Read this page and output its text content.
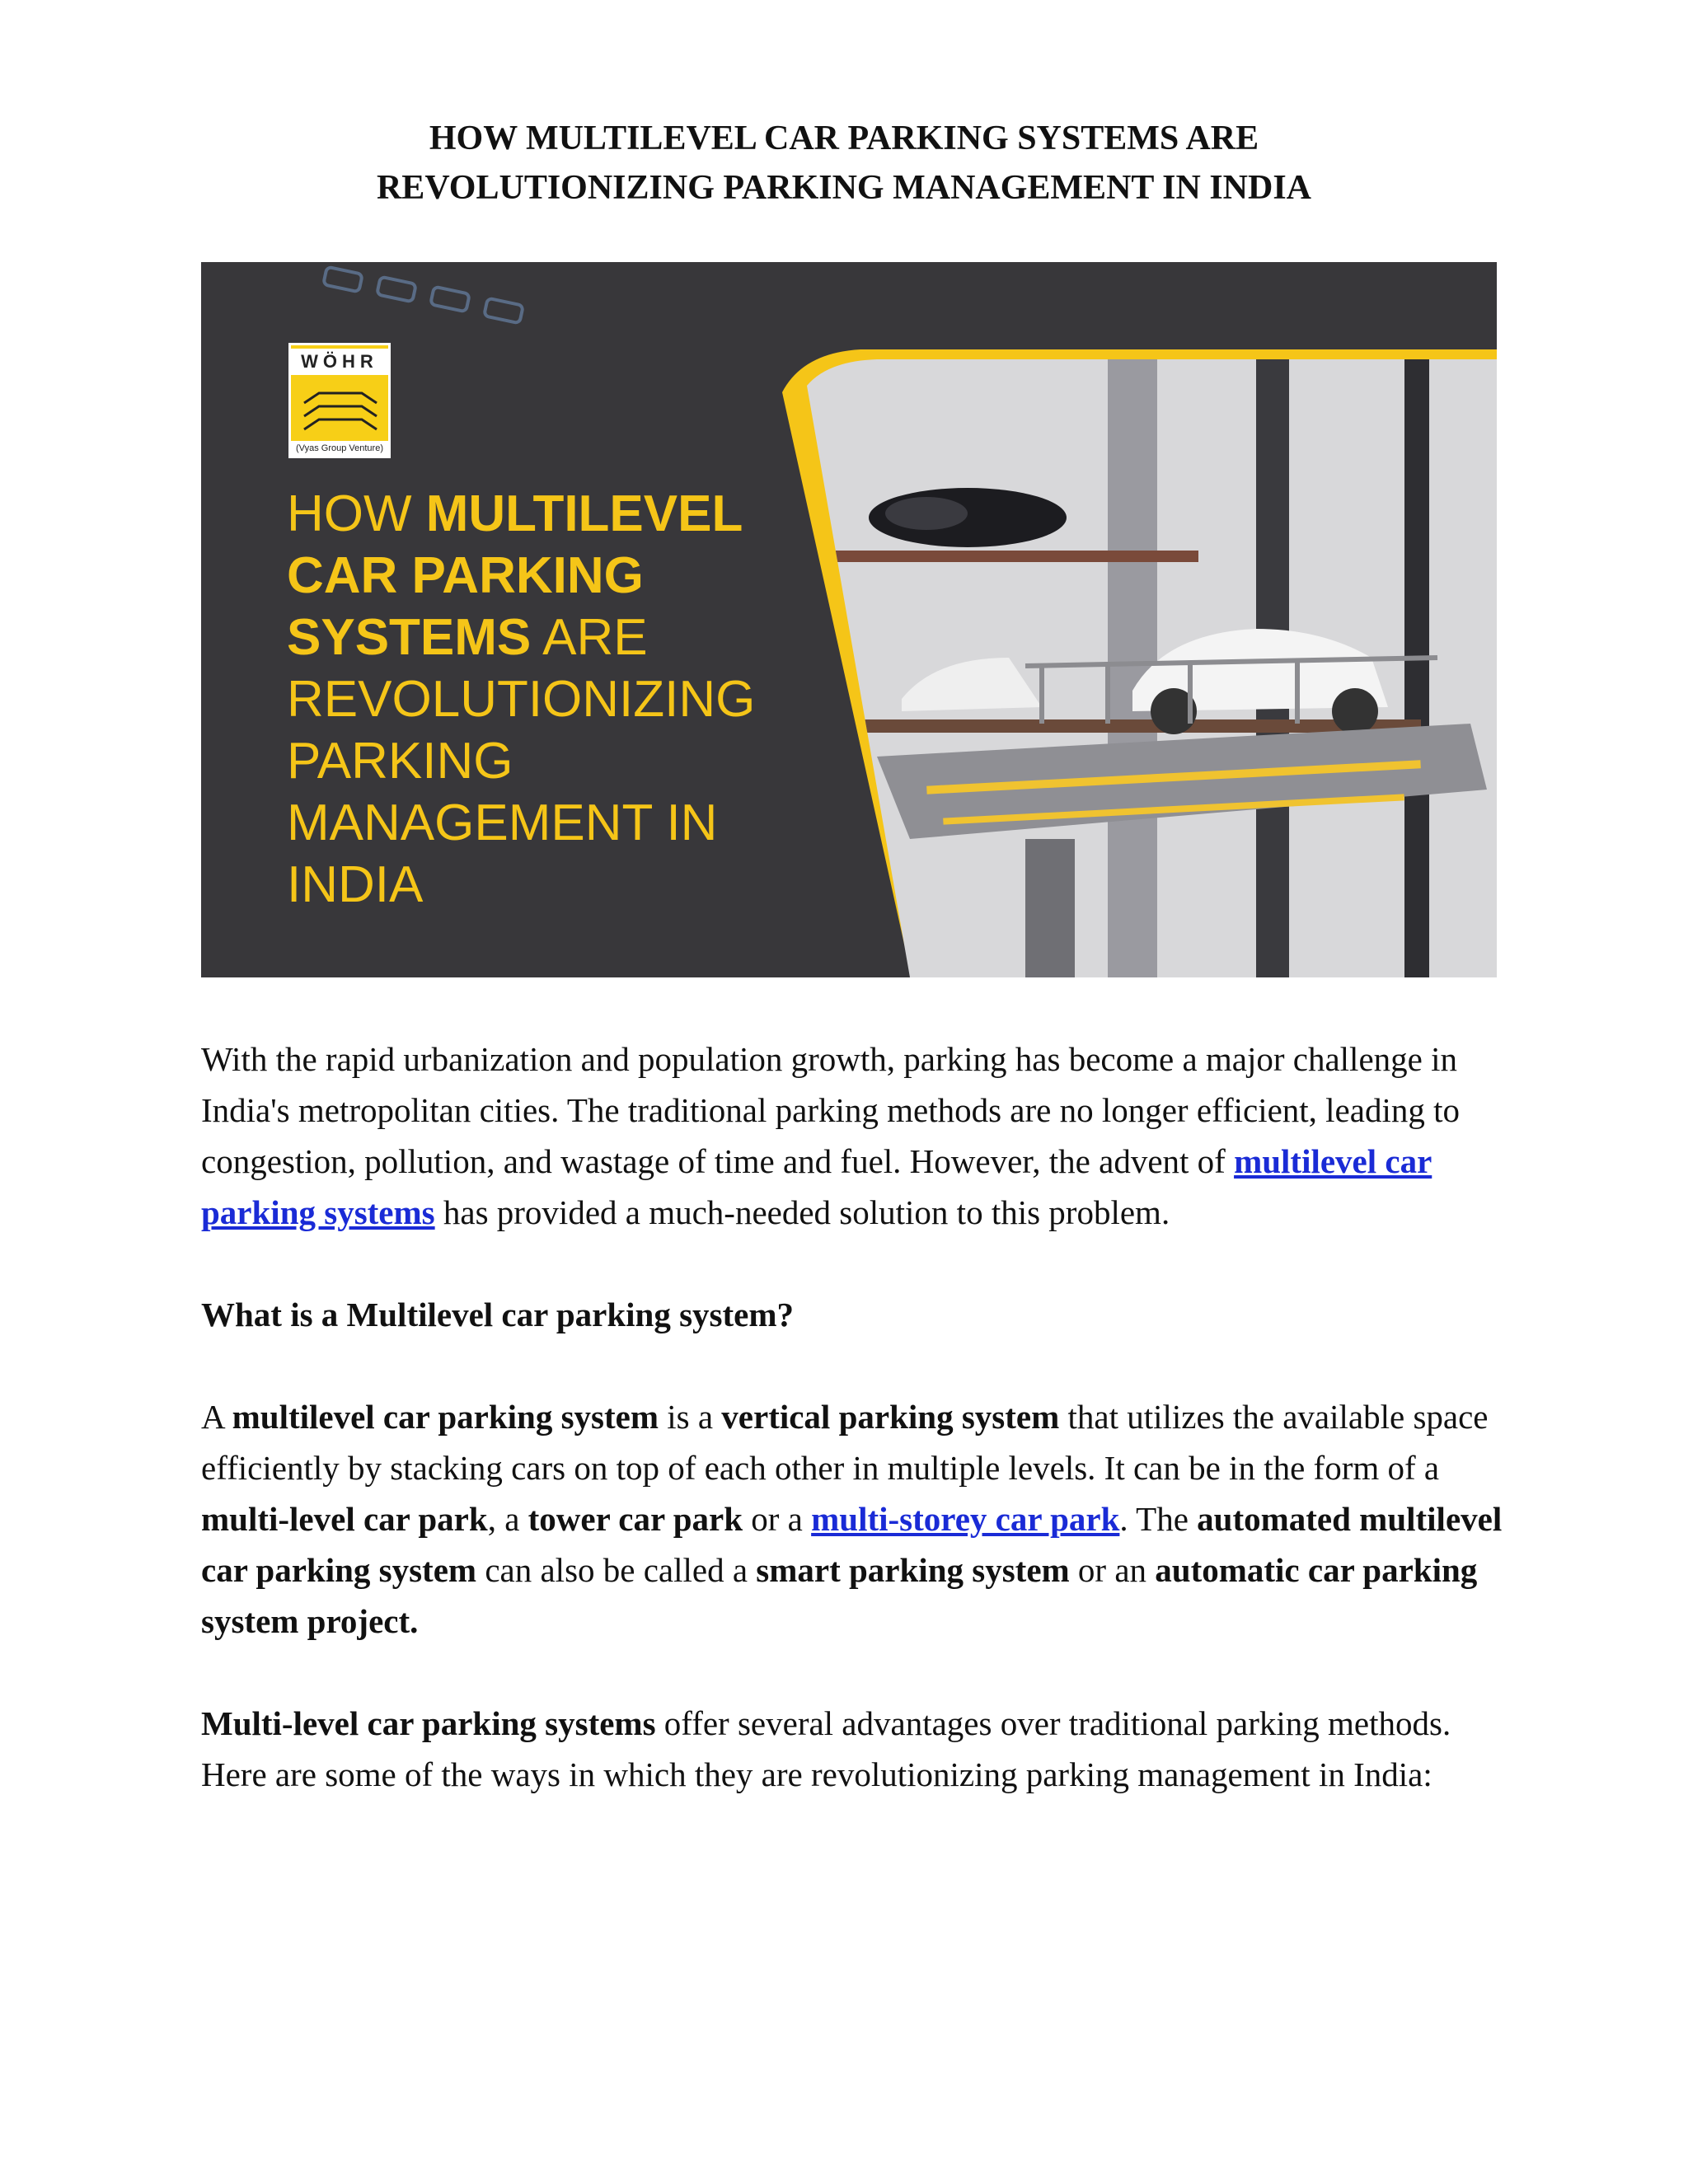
HOW MULTILEVEL CAR PARKING SYSTEMS ARE
REVOLUTIONIZING PARKING MANAGEMENT IN INDIA
WÖHR
(Vyas Group Venture)
HOW MULTILEVEL
CAR PARKING
SYSTEMS ARE
REVOLUTIONIZING
PARKING
MANAGEMENT IN
INDIA

With the rapid urbanization and population growth, parking has become a major challenge in India's metropolitan cities. The traditional parking methods are no longer efficient, leading to congestion, pollution, and wastage of time and fuel. However, the advent of multilevel car parking systems has provided a much-needed solution to this problem.

What is a Multilevel car parking system?

A multilevel car parking system is a vertical parking system that utilizes the available space efficiently by stacking cars on top of each other in multiple levels. It can be in the form of a multi-level car park, a tower car park or a multi-storey car park. The automated multilevel car parking system can also be called a smart parking system or an automatic car parking system project.

Multi-level car parking systems offer several advantages over traditional parking methods. Here are some of the ways in which they are revolutionizing parking management in India:
